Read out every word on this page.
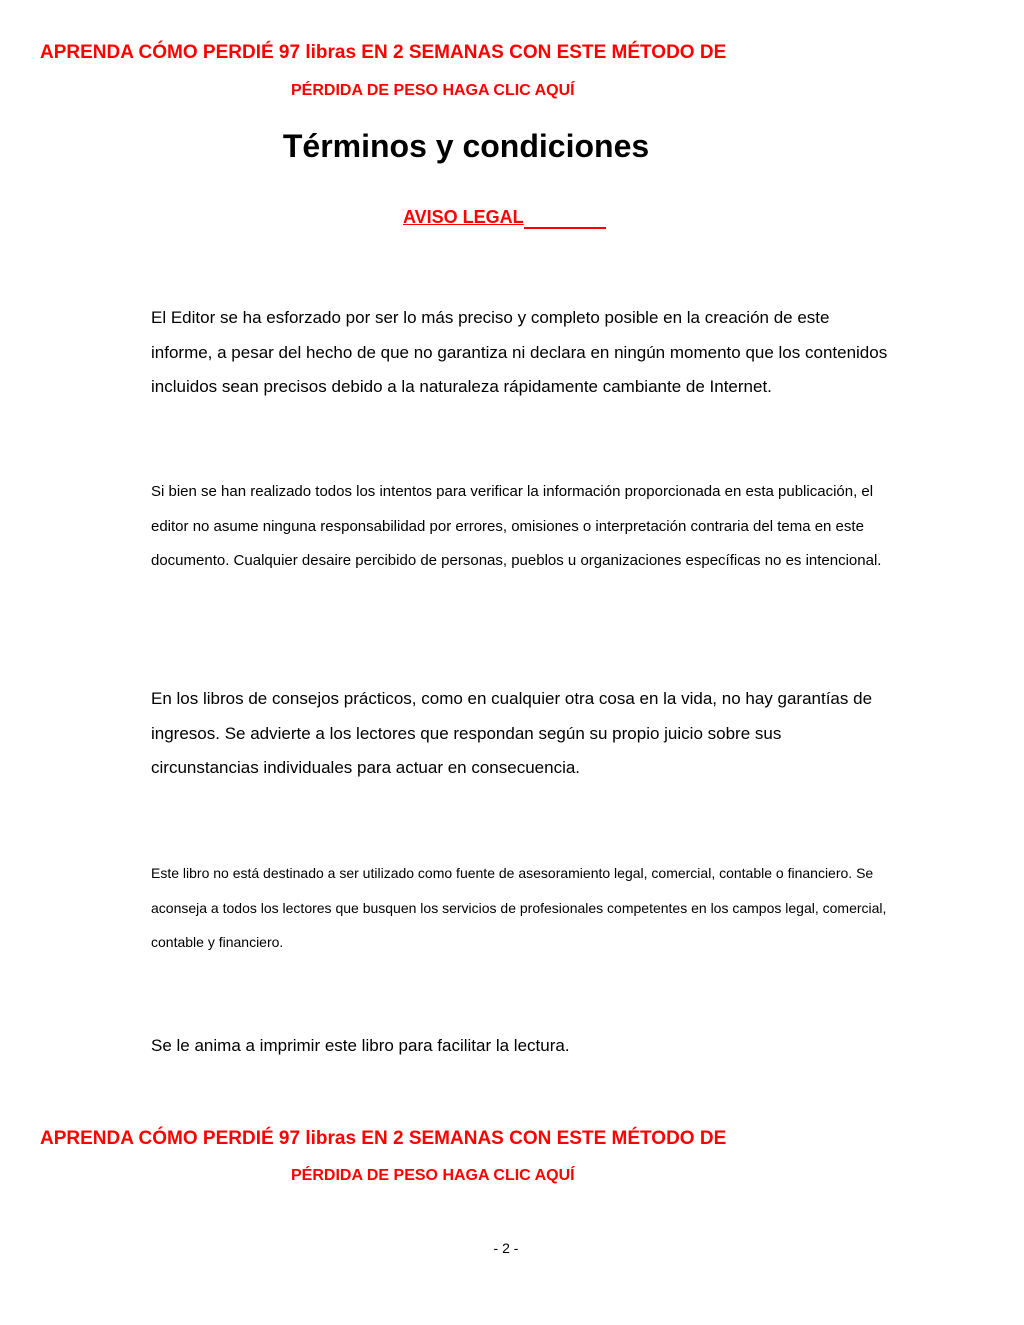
APRENDA CÓMO PERDIÉ 97 libras EN 2 SEMANAS CON ESTE MÉTODO DE
PÉRDIDA DE PESO HAGA CLIC AQUÍ
Términos y condiciones
AVISO LEGAL

El Editor se ha esforzado por ser lo más preciso y completo posible en la creación de este informe, a pesar del hecho de que no garantiza ni declara en ningún momento que los contenidos incluidos sean precisos debido a la naturaleza rápidamente cambiante de Internet.

Si bien se han realizado todos los intentos para verificar la información proporcionada en esta publicación, el editor no asume ninguna responsabilidad por errores, omisiones o interpretación contraria del tema en este documento. Cualquier desaire percibido de personas, pueblos u organizaciones específicas no es intencional.

En los libros de consejos prácticos, como en cualquier otra cosa en la vida, no hay garantías de ingresos. Se advierte a los lectores que respondan según su propio juicio sobre sus circunstancias individuales para actuar en consecuencia.

Este libro no está destinado a ser utilizado como fuente de asesoramiento legal, comercial, contable o financiero. Se aconseja a todos los lectores que busquen los servicios de profesionales competentes en los campos legal, comercial, contable y financiero.

Se le anima a imprimir este libro para facilitar la lectura.

APRENDA CÓMO PERDIÉ 97 libras EN 2 SEMANAS CON ESTE MÉTODO DE
PÉRDIDA DE PESO HAGA CLIC AQUÍ
- 2 -
